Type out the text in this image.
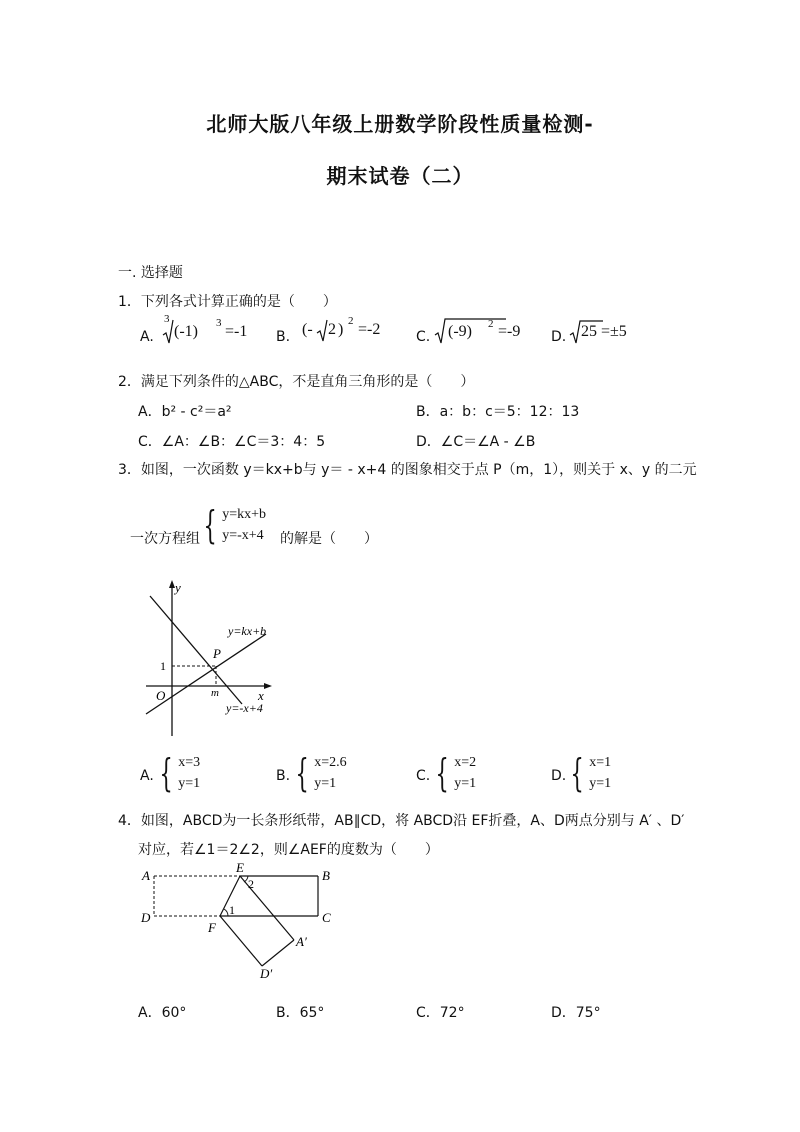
北师大版八年级上册数学阶段性质量检测-
期末试卷（二）
一. 选择题
1．下列各式计算正确的是（　　）
A.
3
(-1) 3 =-1 B. (- 2 ) 2 =-2	C. (-9) 2 =-9 D. 25 =±5
2．满足下列条件的△ABC，不是直角三角形的是（　　）
A．b² - c²＝a²	B．a：b：c＝5：12：13
C．∠A：∠B：∠C＝3：4：5	D．∠C＝∠A - ∠B
3．如图，一次函数 y＝kx+b与 y＝ - x+4 的图象相交于点 P（m，1），则关于 x、y 的二元
一次方程组 { y=kx+b
y=-x+4 的解是（　　）
y
x
O
1
m
P
y=kx+b
y=-x+4
A. { x=3
y=1	B. { x=2.6
y=1	C. { x=2
y=1	D. { x=1
y=1
4．如图，ABCD为一长条形纸带，AB∥CD，将 ABCD沿 EF折叠，A、D两点分别与 A′ 、D′
对应，若∠1＝2∠2，则∠AEF的度数为（　　）
A	B
C
D
E
F
A′
D′
1
2
A．60°	B．65°	C．72°	D．75°
